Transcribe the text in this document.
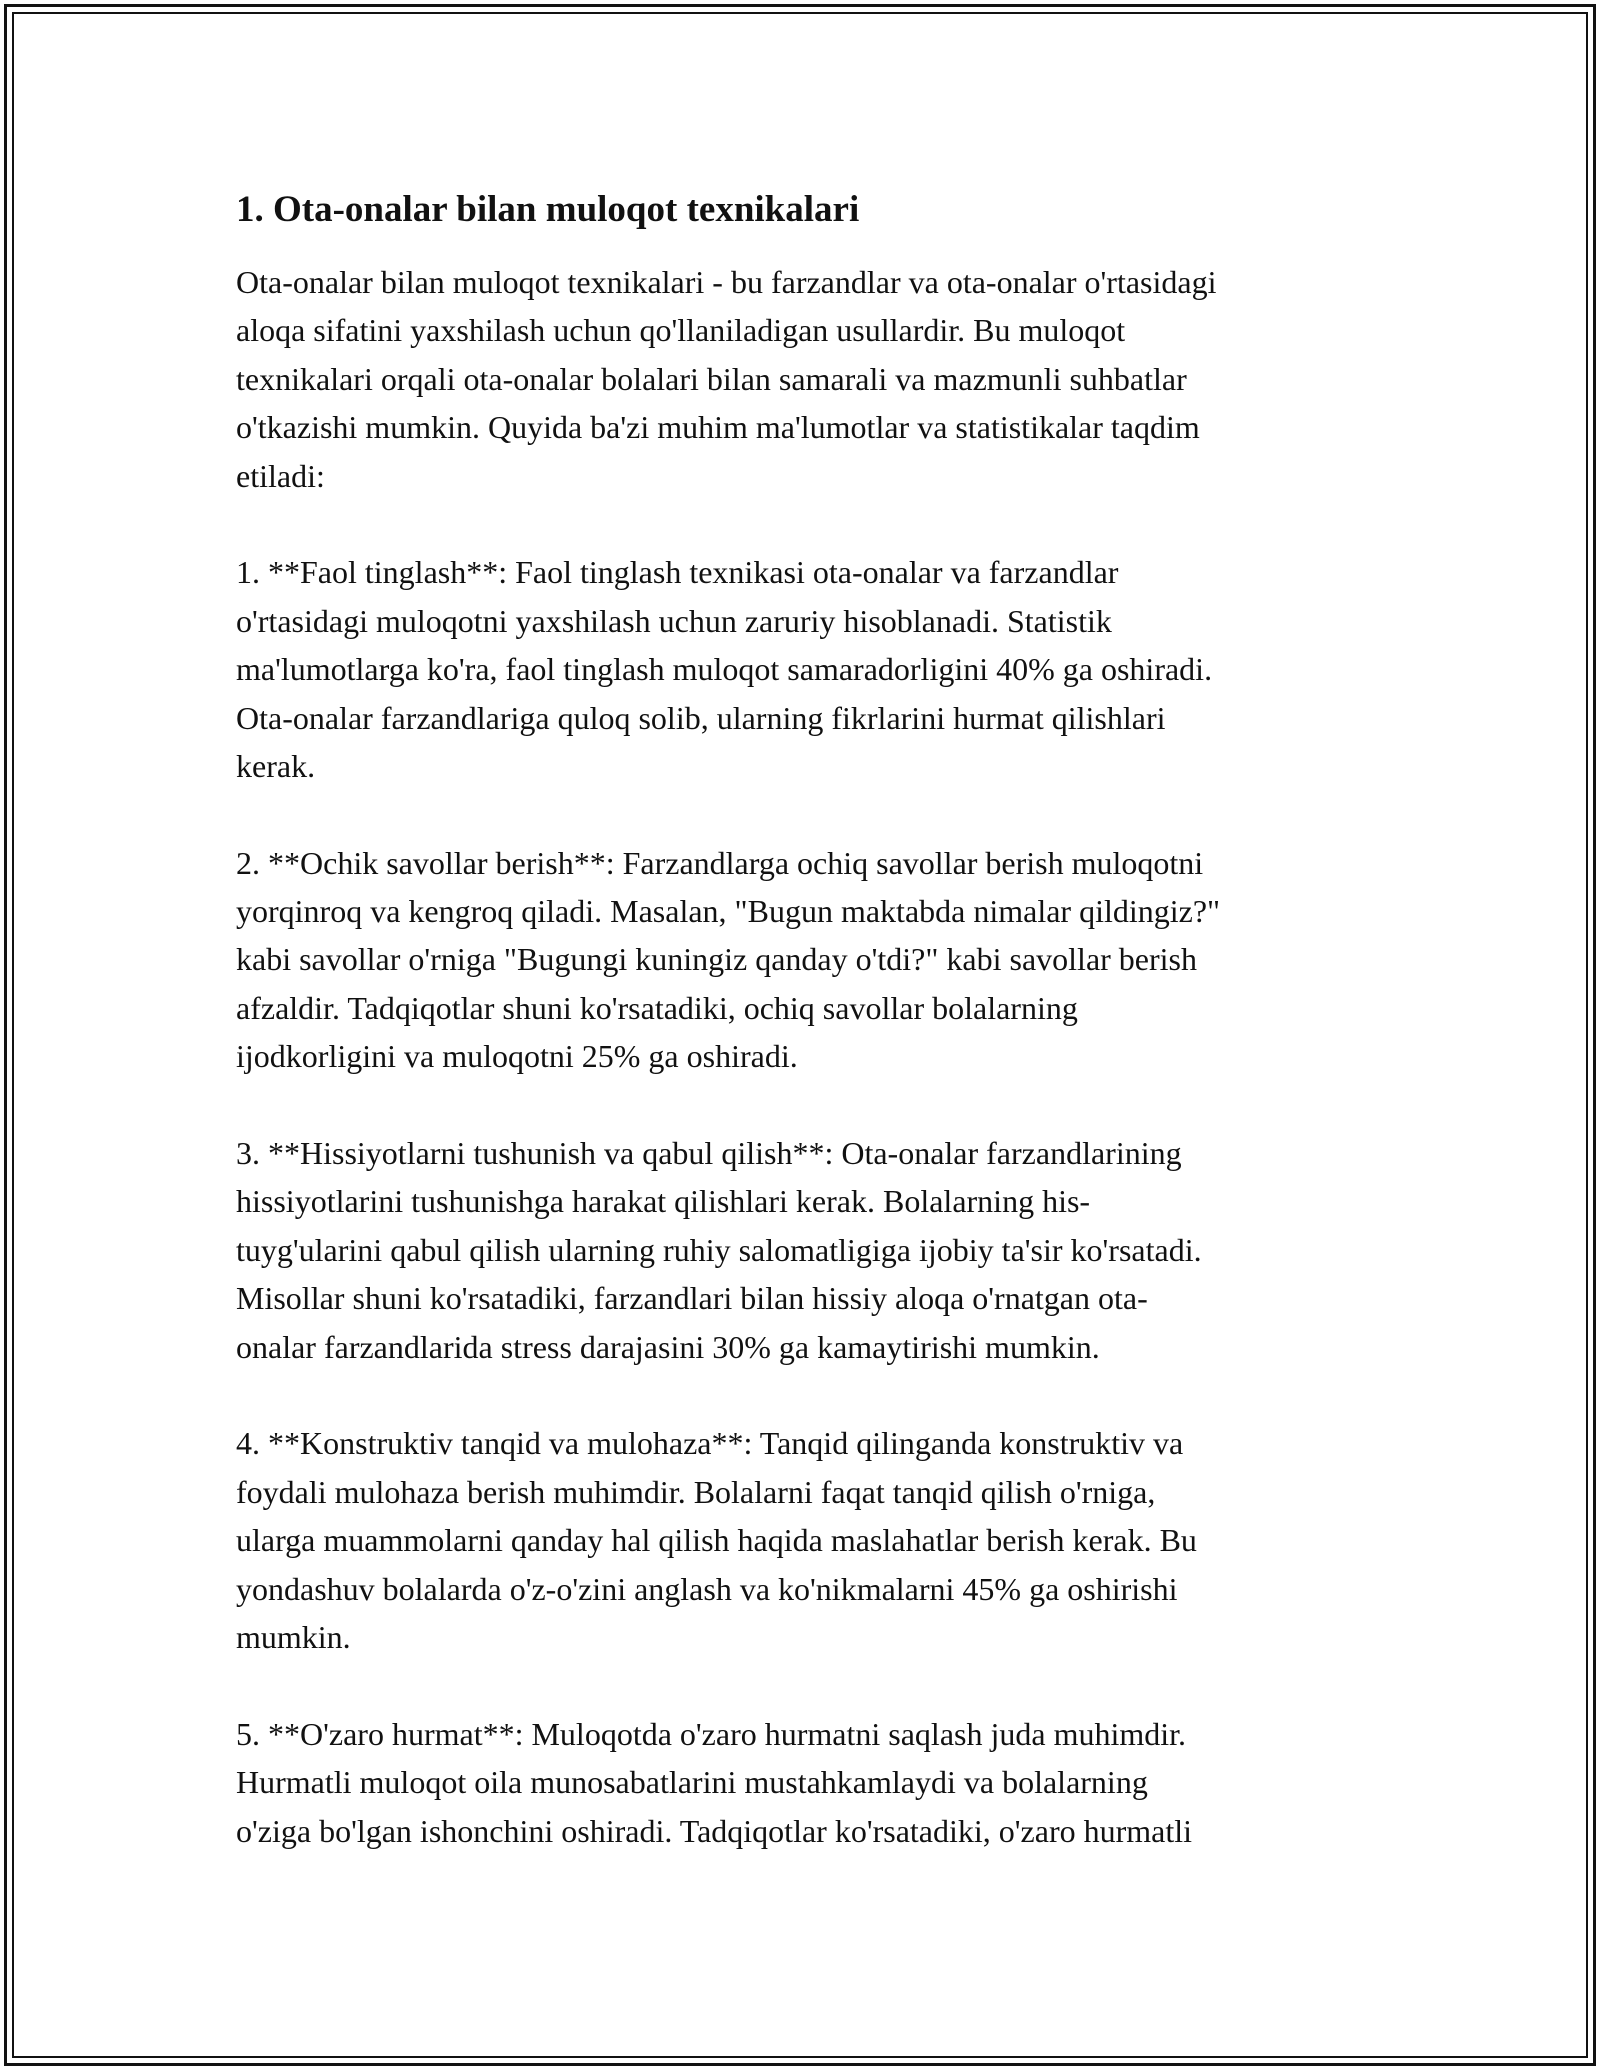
1. Ota-onalar bilan muloqot texnikalari

Ota-onalar bilan muloqot texnikalari - bu farzandlar va ota-onalar o'rtasidagi
aloqa sifatini yaxshilash uchun qo'llaniladigan usullardir. Bu muloqot
texnikalari orqali ota-onalar bolalari bilan samarali va mazmunli suhbatlar
o'tkazishi mumkin. Quyida ba'zi muhim ma'lumotlar va statistikalar taqdim
etiladi:

1. **Faol tinglash**: Faol tinglash texnikasi ota-onalar va farzandlar
o'rtasidagi muloqotni yaxshilash uchun zaruriy hisoblanadi. Statistik
ma'lumotlarga ko'ra, faol tinglash muloqot samaradorligini 40% ga oshiradi.
Ota-onalar farzandlariga quloq solib, ularning fikrlarini hurmat qilishlari
kerak.

2. **Ochik savollar berish**: Farzandlarga ochiq savollar berish muloqotni
yorqinroq va kengroq qiladi. Masalan, "Bugun maktabda nimalar qildingiz?"
kabi savollar o'rniga "Bugungi kuningiz qanday o'tdi?" kabi savollar berish
afzaldir. Tadqiqotlar shuni ko'rsatadiki, ochiq savollar bolalarning
ijodkorligini va muloqotni 25% ga oshiradi.

3. **Hissiyotlarni tushunish va qabul qilish**: Ota-onalar farzandlarining
hissiyotlarini tushunishga harakat qilishlari kerak. Bolalarning his-
tuyg'ularini qabul qilish ularning ruhiy salomatligiga ijobiy ta'sir ko'rsatadi.
Misollar shuni ko'rsatadiki, farzandlari bilan hissiy aloqa o'rnatgan ota-
onalar farzandlarida stress darajasini 30% ga kamaytirishi mumkin.

4. **Konstruktiv tanqid va mulohaza**: Tanqid qilinganda konstruktiv va
foydali mulohaza berish muhimdir. Bolalarni faqat tanqid qilish o'rniga,
ularga muammolarni qanday hal qilish haqida maslahatlar berish kerak. Bu
yondashuv bolalarda o'z-o'zini anglash va ko'nikmalarni 45% ga oshirishi
mumkin.

5. **O'zaro hurmat**: Muloqotda o'zaro hurmatni saqlash juda muhimdir.
Hurmatli muloqot oila munosabatlarini mustahkamlaydi va bolalarning
o'ziga bo'lgan ishonchini oshiradi. Tadqiqotlar ko'rsatadiki, o'zaro hurmatli
